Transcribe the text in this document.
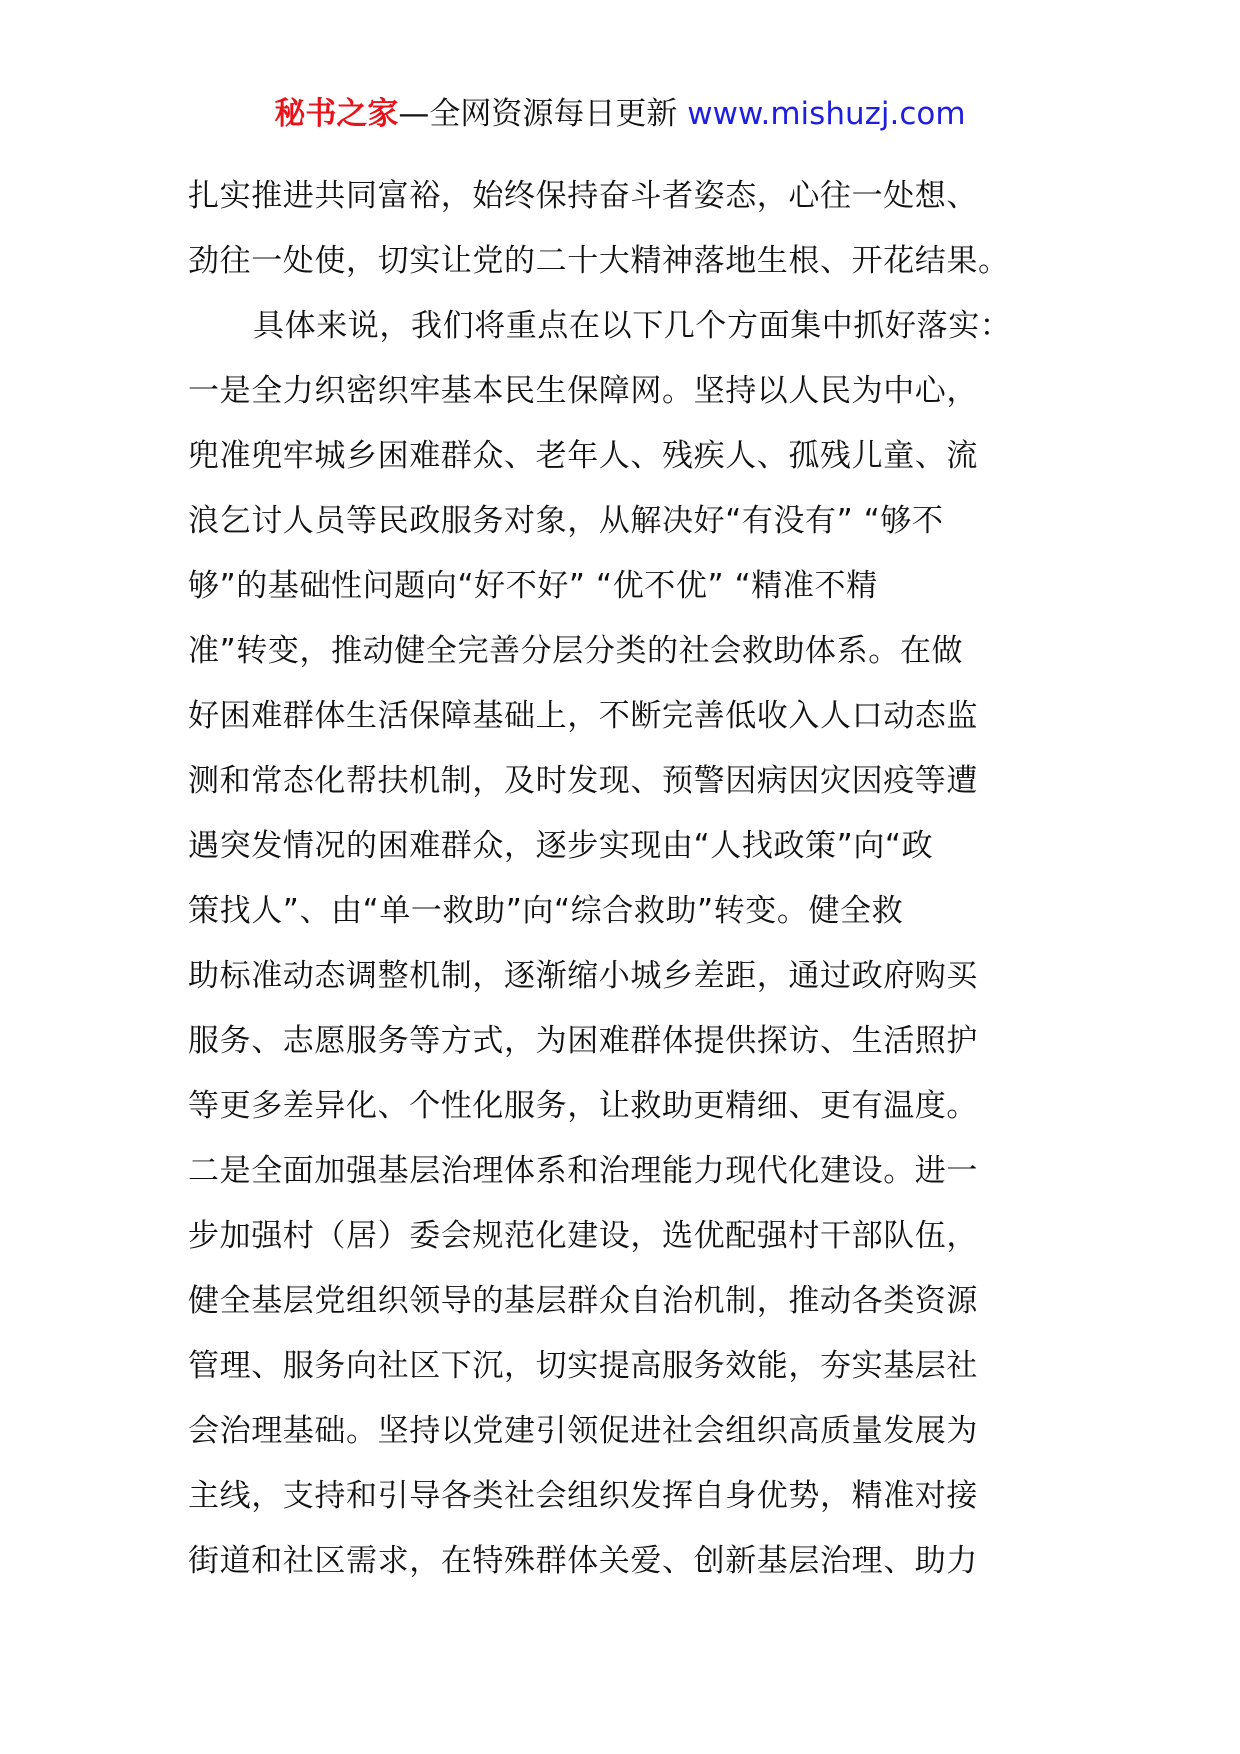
秘书之家—全网资源每日更新 www.mishuzj.com
扎实推进共同富裕，始终保持奋斗者姿态，心往一处想、
劲往一处使，切实让党的二十大精神落地生根、开花结果。
具体来说，我们将重点在以下几个方面集中抓好落实：
一是全力织密织牢基本民生保障网。坚持以人民为中心，
兜准兜牢城乡困难群众、老年人、残疾人、孤残儿童、流
浪乞讨人员等民政服务对象，从解决好“有没有” “够不
够”的基础性问题向“好不好” “优不优” “精准不精
准”转变，推动健全完善分层分类的社会救助体系。在做
好困难群体生活保障基础上，不断完善低收入人口动态监
测和常态化帮扶机制，及时发现、预警因病因灾因疫等遭
遇突发情况的困难群众，逐步实现由“人找政策”向“政
策找人”、由“单一救助”向“综合救助”转变。健全救
助标准动态调整机制，逐渐缩小城乡差距，通过政府购买
服务、志愿服务等方式，为困难群体提供探访、生活照护
等更多差异化、个性化服务，让救助更精细、更有温度。
二是全面加强基层治理体系和治理能力现代化建设。进一
步加强村（居）委会规范化建设，选优配强村干部队伍，
健全基层党组织领导的基层群众自治机制，推动各类资源
管理、服务向社区下沉，切实提高服务效能，夯实基层社
会治理基础。坚持以党建引领促进社会组织高质量发展为
主线，支持和引导各类社会组织发挥自身优势，精准对接
街道和社区需求，在特殊群体关爱、创新基层治理、助力
